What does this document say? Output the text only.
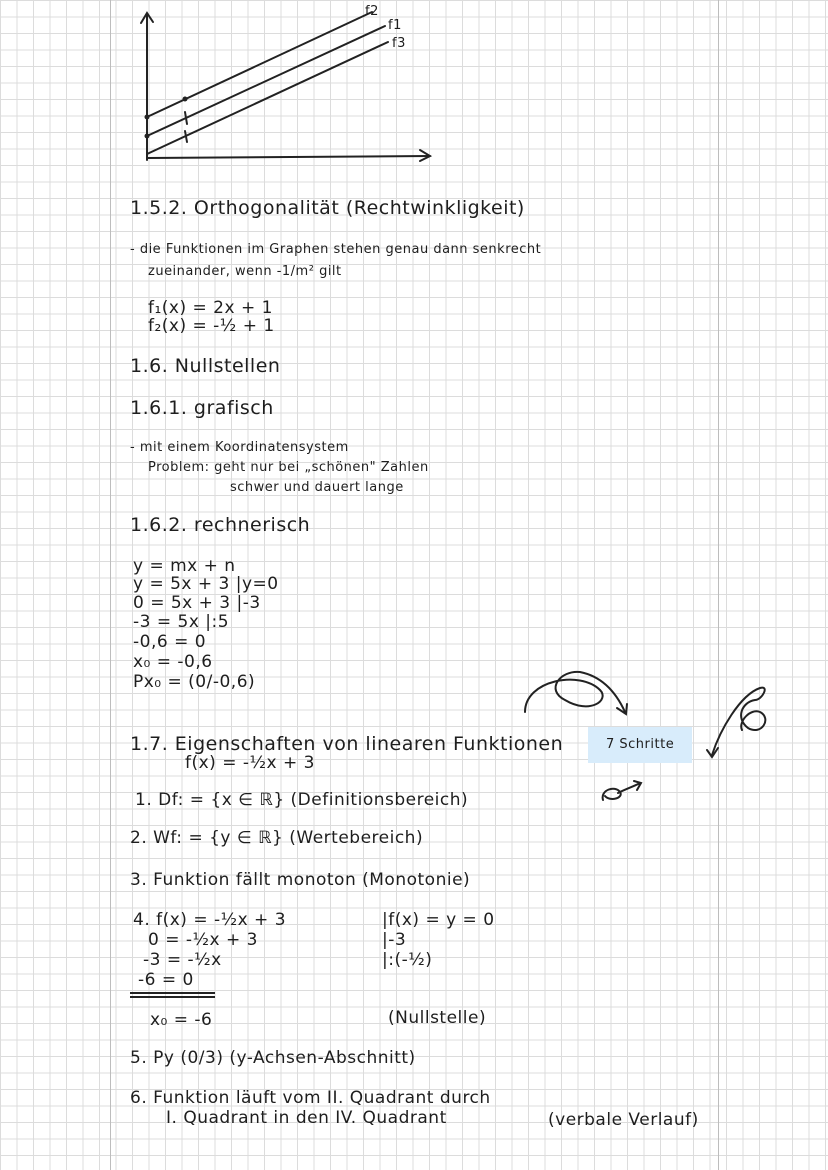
f2
f1
f3
1.5.2. Orthogonalität (Rechtwinkligkeit)
- die Funktionen im Graphen stehen genau dann senkrecht
zueinander, wenn -1/m² gilt
f₁(x) = 2x + 1
f₂(x) = -½ + 1
1.6. Nullstellen
1.6.1. grafisch
- mit einem Koordinatensystem
Problem: geht nur bei „schönen" Zahlen
schwer und dauert lange
1.6.2. rechnerisch
y = mx + n
y = 5x + 3 |y=0
0 = 5x + 3 |-3
-3 = 5x |:5
-0,6 = 0
x₀ = -0,6
Px₀ = (0/-0,6)
1.7. Eigenschaften von linearen Funktionen
f(x) = -½x + 3
7 Schritte
1. Df: = {x ∈ ℝ} (Definitionsbereich)
2. Wf: = {y ∈ ℝ} (Wertebereich)
3. Funktion fällt monoton (Monotonie)
4. f(x) = -½x + 3
0 = -½x + 3
-3 = -½x
-6 = 0
|f(x) = y = 0
|-3
|:(-½)
x₀ = -6	(Nullstelle)
5. Py (0/3) (y-Achsen-Abschnitt)
6. Funktion läuft vom II. Quadrant durch
I. Quadrant in den IV. Quadrant	(verbale Verlauf)
